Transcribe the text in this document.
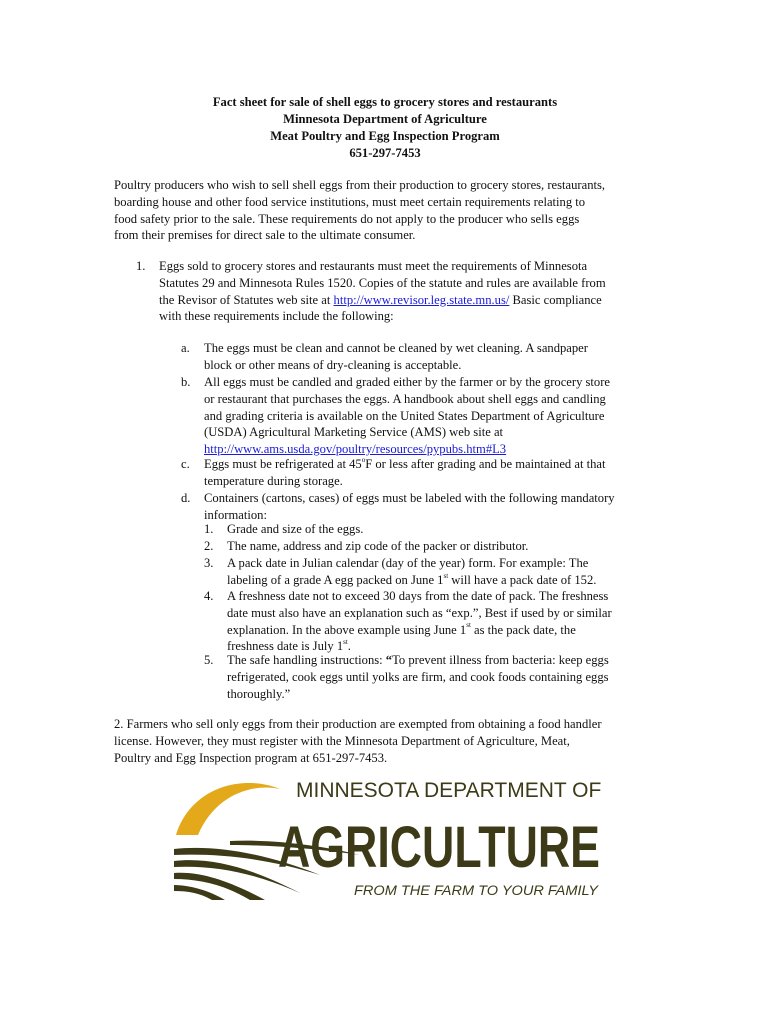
Fact sheet for sale of shell eggs to grocery stores and restaurants
Minnesota Department of Agriculture
Meat Poultry and Egg Inspection Program
651-297-7453
Poultry producers who wish to sell shell eggs from their production to grocery stores, restaurants,
boarding house and other food service institutions, must meet certain requirements relating to
food safety prior to the sale. These requirements do not apply to the producer who sells eggs
from their premises for direct sale to the ultimate consumer.
1. Eggs sold to grocery stores and restaurants must meet the requirements of Minnesota
Statutes 29 and Minnesota Rules 1520. Copies of the statute and rules are available from
the Revisor of Statutes web site at http://www.revisor.leg.state.mn.us/ Basic compliance
with these requirements include the following:
a. The eggs must be clean and cannot be cleaned by wet cleaning. A sandpaper
block or other means of dry-cleaning is acceptable.
b. All eggs must be candled and graded either by the farmer or by the grocery store
or restaurant that purchases the eggs. A handbook about shell eggs and candling
and grading criteria is available on the United States Department of Agriculture
(USDA) Agricultural Marketing Service (AMS) web site at
http://www.ams.usda.gov/poultry/resources/pypubs.htm#L3
c. Eggs must be refrigerated at 45$^o$F or less after grading and be maintained at that
temperature during storage.
d. Containers (cartons, cases) of eggs must be labeled with the following mandatory
information:
1. Grade and size of the eggs.
2. The name, address and zip code of the packer or distributor.
3. A pack date in Julian calendar (day of the year) form. For example: The
labeling of a grade A egg packed on June 1st will have a pack date of 152.
4. A freshness date not to exceed 30 days from the date of pack. The freshness
date must also have an explanation such as “exp.”, Best if used by or similar
explanation. In the above example using June 1st as the pack date, the
freshness date is July 1st.
5. The safe handling instructions: “To prevent illness from bacteria: keep eggs
refrigerated, cook eggs until yolks are firm, and cook foods containing eggs
thoroughly.”
2. Farmers who sell only eggs from their production are exempted from obtaining a food handler
license. However, they must register with the Minnesota Department of Agriculture, Meat,
Poultry and Egg Inspection program at 651-297-7453.
MINNESOTA DEPARTMENT OF
AGRICULTURE
FROM THE FARM TO YOUR FAMILY
